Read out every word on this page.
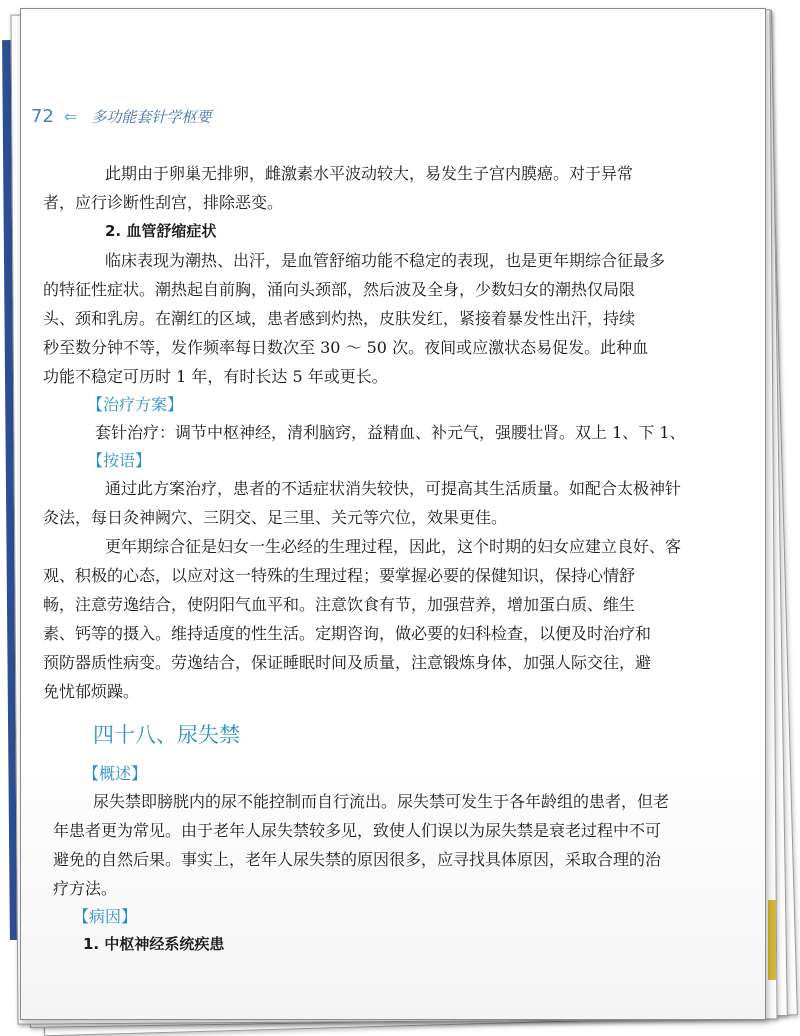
72 ⇐ 多功能套针学枢要

此期由于卵巢无排卵，雌激素水平波动较大，易发生子宫内膜癌。对于异常

者，应行诊断性刮宫，排除恶变。

2. 血管舒缩症状

临床表现为潮热、出汗，是血管舒缩功能不稳定的表现，也是更年期综合征最多

的特征性症状。潮热起自前胸，涌向头颈部，然后波及全身，少数妇女的潮热仅局限

头、颈和乳房。在潮红的区域，患者感到灼热，皮肤发红，紧接着暴发性出汗，持续

秒至数分钟不等，发作频率每日数次至 30 ～ 50 次。夜间或应激状态易促发。此种血

功能不稳定可历时 1 年，有时长达 5 年或更长。

【治疗方案】

套针治疗：调节中枢神经，清利脑窍，益精血、补元气，强腰壮肾。双上 1、下 1、

【按语】

通过此方案治疗，患者的不适症状消失较快，可提高其生活质量。如配合太极神针

灸法，每日灸神阙穴、三阴交、足三里、关元等穴位，效果更佳。

更年期综合征是妇女一生必经的生理过程，因此，这个时期的妇女应建立良好、客

观、积极的心态，以应对这一特殊的生理过程；要掌握必要的保健知识，保持心情舒

畅，注意劳逸结合，使阴阳气血平和。注意饮食有节，加强营养，增加蛋白质、维生

素、钙等的摄入。维持适度的性生活。定期咨询，做必要的妇科检查，以便及时治疗和

预防器质性病变。劳逸结合，保证睡眠时间及质量，注意锻炼身体，加强人际交往，避

免忧郁烦躁。

四十八、尿失禁
【概述】

尿失禁即膀胱内的尿不能控制而自行流出。尿失禁可发生于各年龄组的患者，但老

年患者更为常见。由于老年人尿失禁较多见，致使人们误以为尿失禁是衰老过程中不可

避免的自然后果。事实上，老年人尿失禁的原因很多，应寻找具体原因，采取合理的治

疗方法。

【病因】

1. 中枢神经系统疾患
